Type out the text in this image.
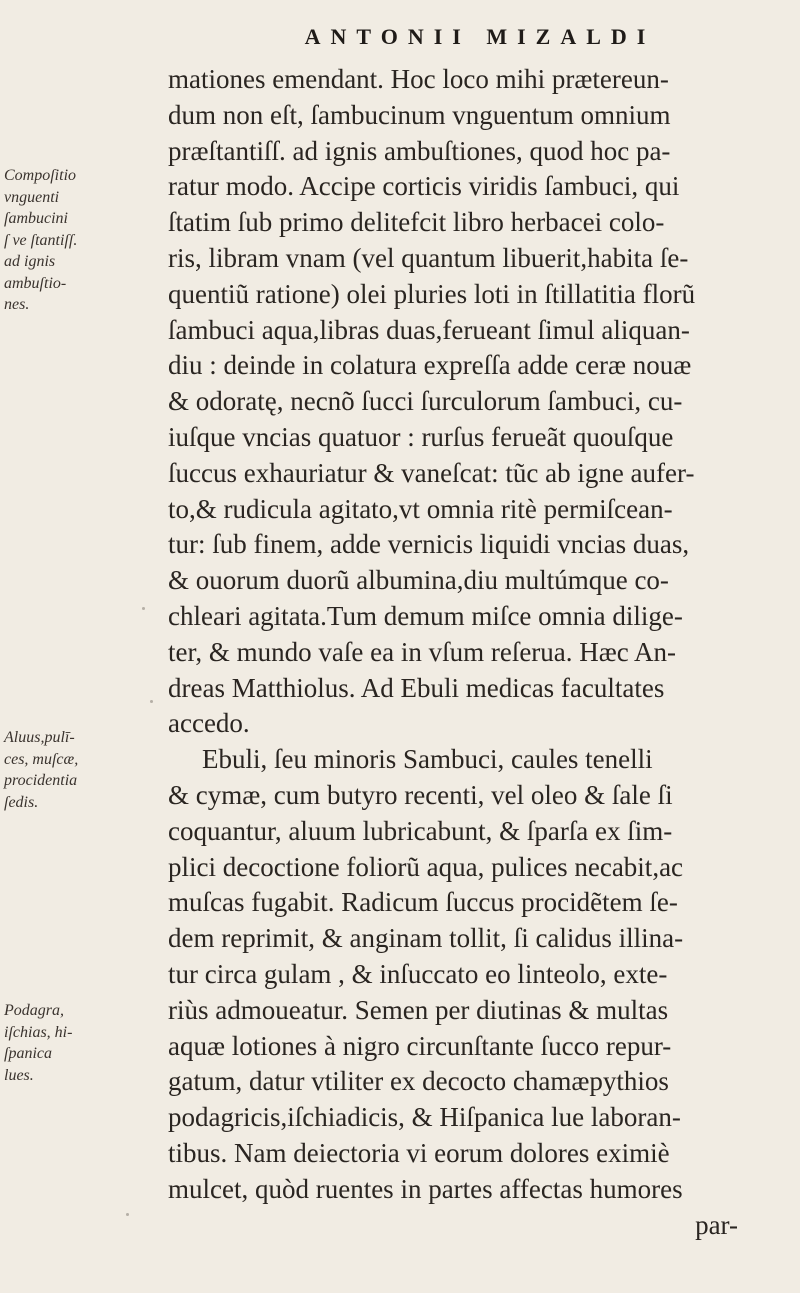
ANTONII MIZALDI
mationes emendant. Hoc loco mihi prætereun-
dum non eſt, ſambucinum vnguentum omnium
præſtantiſſ. ad ignis ambuſtiones, quod hoc pa-
ratur modo. Accipe corticis viridis ſambuci, qui
ſtatim ſub primo delitefcit libro herbacei colo-
ris, libram vnam (vel quantum libuerit,habita ſe-
quentiũ ratione) olei pluries loti in ſtillatitia florũ
ſambuci aqua,libras duas,ferueant ſimul aliquan-
diu : deinde in colatura expreſſa adde ceræ nouæ
& odoratę, necnõ ſucci ſurculorum ſambuci, cu-
iuſque vncias quatuor : rurſus ferueãt quouſque
ſuccus exhauriatur & vaneſcat: tũc ab igne aufer-
to,& rudicula agitato,vt omnia ritè permiſcean-
tur: ſub finem, adde vernicis liquidi vncias duas,
& ouorum duorũ albumina,diu multúmque co-
chleari agitata.Tum demum miſce omnia dilige-
ter, & mundo vaſe ea in vſum reſerua. Hæc An-
dreas Matthiolus. Ad Ebuli medicas facultates
accedo.
Ebuli, ſeu minoris Sambuci, caules tenelli
& cymæ, cum butyro recenti, vel oleo & ſale ſi
coquantur, aluum lubricabunt, & ſparſa ex ſim-
plici decoctione foliorũ aqua, pulices necabit,ac
muſcas fugabit. Radicum ſuccus procidẽtem ſe-
dem reprimit, & anginam tollit, ſi calidus illina-
tur circa gulam , & inſuccato eo linteolo, exte-
riùs admoueatur. Semen per diutinas & multas
aquæ lotiones à nigro circunſtante ſucco repur-
gatum, datur vtiliter ex decocto chamæpythios
podagricis,iſchiadicis, & Hiſpanica lue laboran-
tibus. Nam deiectoria vi eorum dolores eximiè
mulcet, quòd ruentes in partes affectas humores
par-
Compoſitio
vnguenti
ſambucini
ſ ve ſtantiſſ.
ad ignis
ambuſtio-
nes.
Aluus,pulī-
ces, muſcæ,
procidentia
ſedis.
Podagra,
iſchias, hi-
ſpanica
lues.
